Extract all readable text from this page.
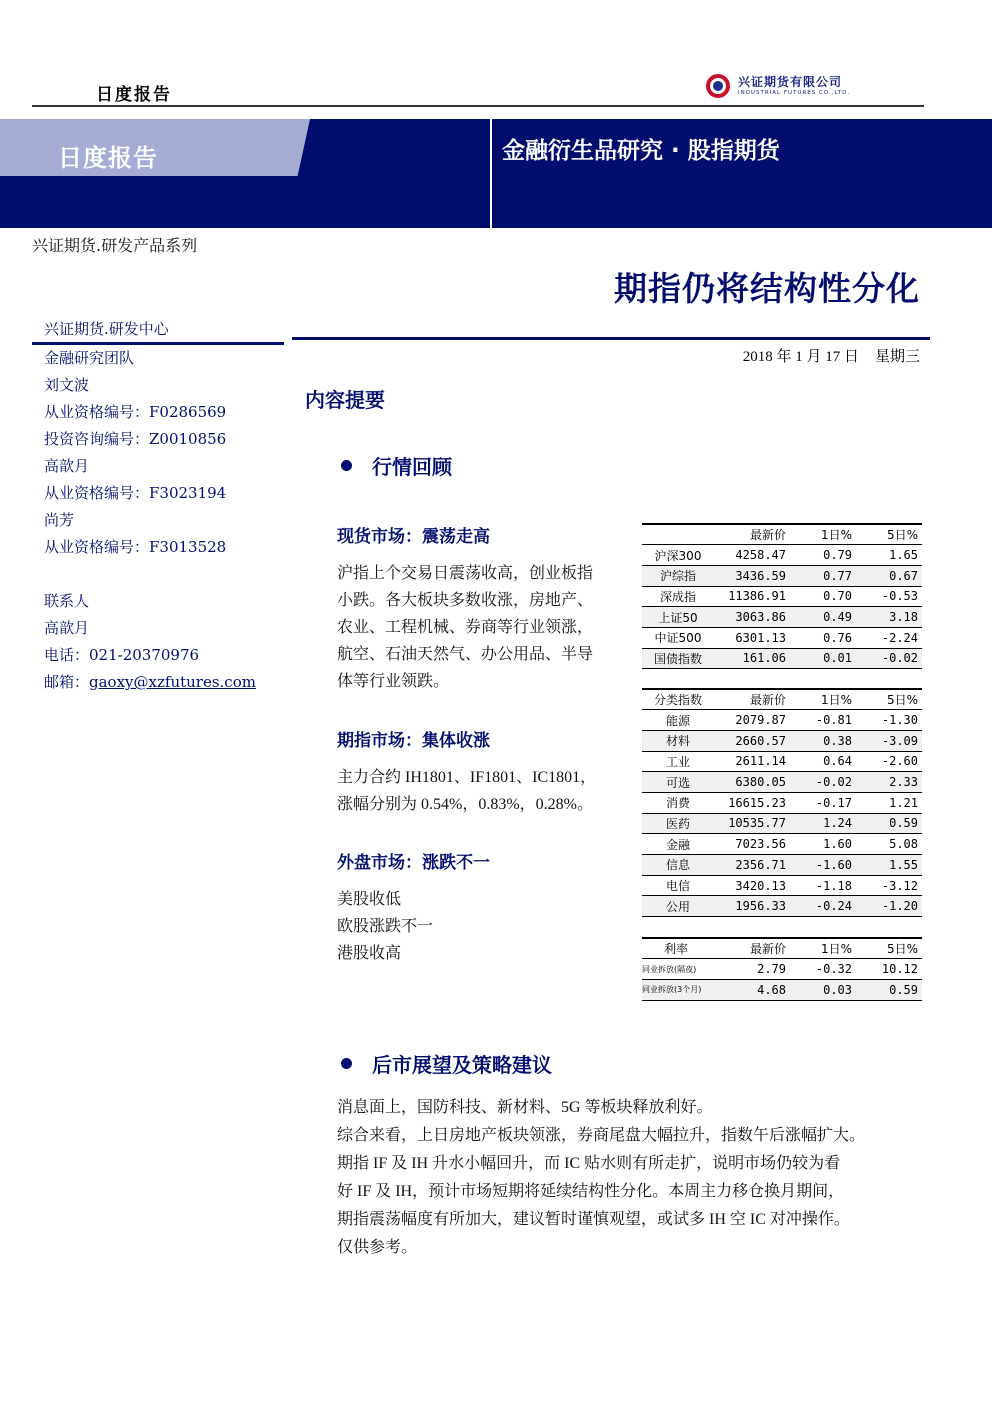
日度报告
兴证期货有限公司
INDUSTRIAL FUTURES CO.,LTD.
日度报告	金融衍生品研究 · 股指期货
兴证期货.研发产品系列
期指仍将结构性分化
兴证期货.研发中心
金融研究团队
刘文波
从业资格编号：F0286569
投资咨询编号：Z0010856
高歆月
从业资格编号：F3023194
尚芳
从业资格编号：F3013528
联系人
高歆月
电话：021-20370976
邮箱：gaoxy@xzfutures.com
2018 年 1 月 17 日 星期三
内容提要
行情回顾
现货市场：震荡走高
沪指上个交易日震荡收高，创业板指
小跌。各大板块多数收涨，房地产、
农业、工程机械、券商等行业领涨，
航空、石油天然气、办公用品、半导
体等行业领跌。
期指市场：集体收涨
主力合约 IH1801、IF1801、IC1801，
涨幅分别为 0.54%，0.83%，0.28%。
外盘市场：涨跌不一
美股收低
欧股涨跌不一
港股收高
	最新价	1日%	5日%
沪深300	4258.47	0.79	1.65
沪综指	3436.59	0.77	0.67
深成指	11386.91	0.70	-0.53
上证50	3063.86	0.49	3.18
中证500	6301.13	0.76	-2.24
国债指数	161.06	0.01	-0.02
分类指数	最新价	1日%	5日%
能源	2079.87	-0.81	-1.30
材料	2660.57	0.38	-3.09
工业	2611.14	0.64	-2.60
可选	6380.05	-0.02	2.33
消费	16615.23	-0.17	1.21
医药	10535.77	1.24	0.59
金融	7023.56	1.60	5.08
信息	2356.71	-1.60	1.55
电信	3420.13	-1.18	-3.12
公用	1956.33	-0.24	-1.20
利率	最新价	1日%	5日%
同业拆放(隔夜)	2.79	-0.32	10.12
同业拆放(3个月)	4.68	0.03	0.59
后市展望及策略建议
消息面上，国防科技、新材料、5G 等板块释放利好。
综合来看，上日房地产板块领涨，券商尾盘大幅拉升，指数午后涨幅扩大。
期指 IF 及 IH 升水小幅回升，而 IC 贴水则有所走扩，说明市场仍较为看
好 IF 及 IH，预计市场短期将延续结构性分化。本周主力移仓换月期间，
期指震荡幅度有所加大，建议暂时谨慎观望，或试多 IH 空 IC 对冲操作。
仅供参考。
